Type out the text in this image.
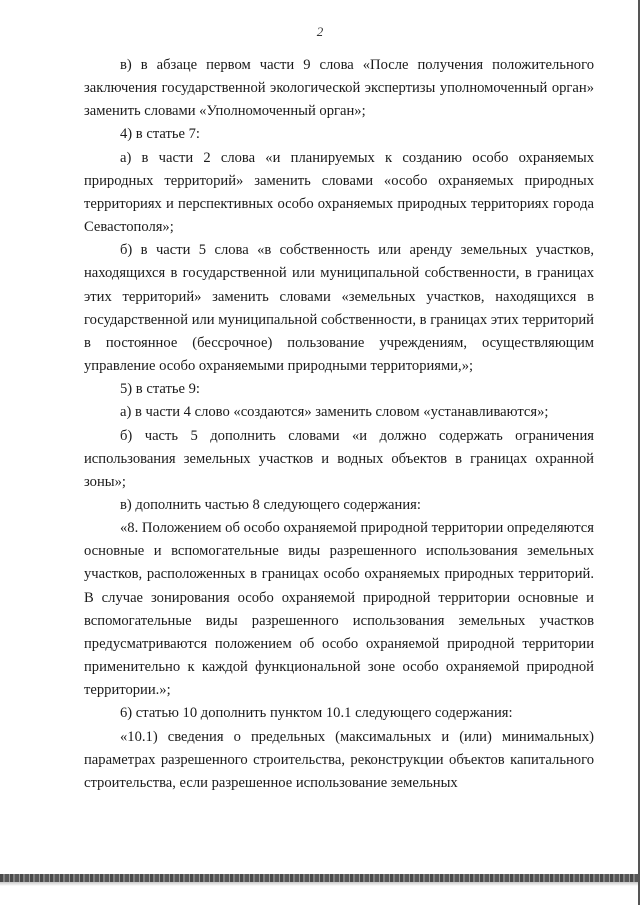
2

в) в абзаце первом части 9 слова «После получения положительного заключения государственной экологической экспертизы уполномоченный орган» заменить словами «Уполномоченный орган»;

4) в статье 7:

а) в части 2 слова «и планируемых к созданию особо охраняемых природных территорий» заменить словами «особо охраняемых природных территориях и перспективных особо охраняемых природных территориях города Севастополя»;

б) в части 5 слова «в собственность или аренду земельных участков, находящихся в государственной или муниципальной собственности, в границах этих территорий» заменить словами «земельных участков, находящихся в государственной или муниципальной собственности, в границах этих территорий в постоянное (бессрочное) пользование учреждениям, осуществляющим управление особо охраняемыми природными территориями,»;

5) в статье 9:

а) в части 4 слово «создаются» заменить словом «устанавливаются»;

б) часть 5 дополнить словами «и должно содержать ограничения использования земельных участков и водных объектов в границах охранной зоны»;

в) дополнить частью 8 следующего содержания:

«8. Положением об особо охраняемой природной территории определяются основные и вспомогательные виды разрешенного использования земельных участков, расположенных в границах особо охраняемых природных территорий. В случае зонирования особо охраняемой природной территории основные и вспомогательные виды разрешенного использования земельных участков предусматриваются положением об особо охраняемой природной территории применительно к каждой функциональной зоне особо охраняемой природной территории.»;

6) статью 10 дополнить пунктом 10.1 следующего содержания:

«10.1) сведения о предельных (максимальных и (или) минимальных) параметрах разрешенного строительства, реконструкции объектов капитального строительства, если разрешенное использование земельных
